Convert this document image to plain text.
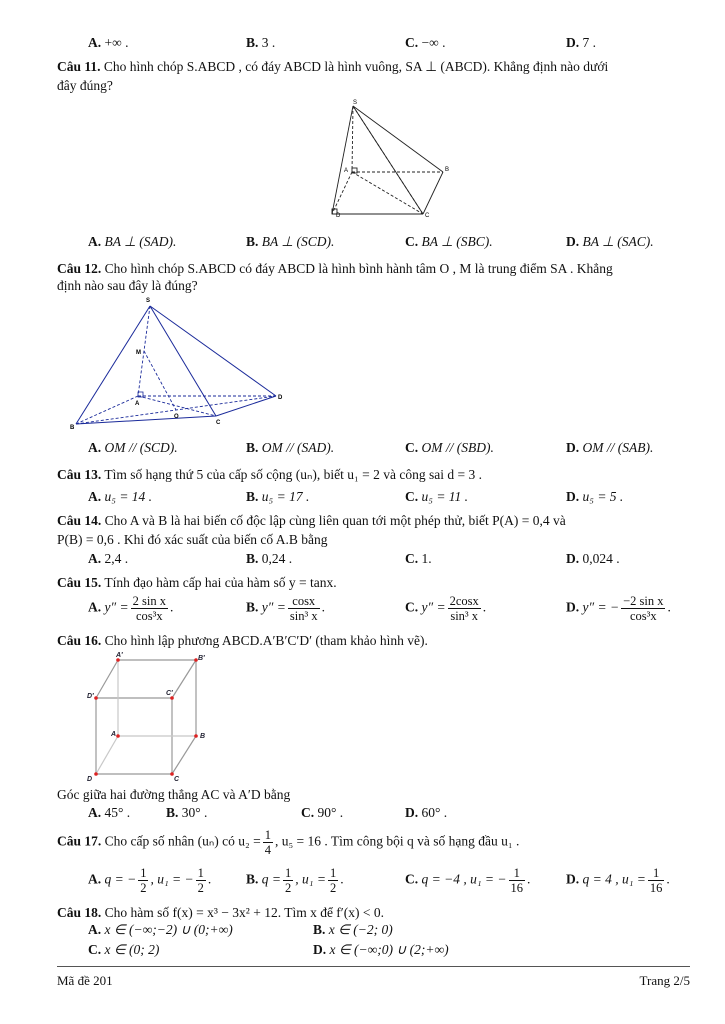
A. +∞ .	B. 3 .	C. −∞ .	D. 7 .
Câu 11. Cho hình chóp S.ABCD , có đáy ABCD là hình vuông, SA ⊥ (ABCD). Khẳng định nào dưới
đây đúng?
S
A	B
C
D
A. BA ⊥ (SAD).	B. BA ⊥ (SCD).	C. BA ⊥ (SBC).	D. BA ⊥ (SAC).
Câu 12. Cho hình chóp S.ABCD có đáy ABCD là hình bình hành tâm O , M là trung điểm SA . Khẳng
định nào sau đây là đúng?
S
M
A
B
C
D
O
A. OM // (SCD).	B. OM // (SAD).	C. OM // (SBD).	D. OM // (SAB).
Câu 13. Tìm số hạng thứ 5 của cấp số cộng (uₙ), biết u₁ = 2 và công sai d = 3 .
A. u₅ = 14 .	B. u₅ = 17 .	C. u₅ = 11 .	D. u₅ = 5 .
Câu 14. Cho A và B là hai biến cố độc lập cùng liên quan tới một phép thử, biết P(A) = 0,4 và
P(B) = 0,6 . Khi đó xác suất của biến cố A.B bằng
A. 2,4 .	B. 0,24 .	C. 1.	D. 0,024 .
Câu 15. Tính đạo hàm cấp hai của hàm số y = tanx.
A. $y'' = \frac{\text{2 sin x}}{\text{cos³x}}$ .	B. $y'' = \frac{\cos x}{\text{sin³ x}}$ .	C. $y'' = \frac{2\cos x}{\text{sin³ x}}$ .	D. y″ = − $\frac{\text{−2 sin x}}{\text{cos³x}}$ .
Câu 16. Cho hình lập phương ABCD.A′B′C′D′ (tham khảo hình vẽ).
A′	B′
C′
D′
A	B
C
D
Góc giữa hai đường thẳng AC và A′D bằng
A. 45° .	B. 30° .	C. 90° .	D. 60° .
Câu 17. Cho cấp số nhân (uₙ) có $u_2 = \frac{1}{4}$ , u₅ = 16 . Tìm công bội q và số hạng đầu u₁ .
A. q = − $\frac{1}{2}$ , u₁ = − $\frac{1}{2}$ .	B. $q = \frac{1}{2}$ , $u_1 = \frac{1}{2}$ .	C. q = −4 , u₁ = − $\frac{1}{16}$ .	D. q = 4 , $u_1 = \frac{1}{16}$ .
Câu 18. Cho hàm số f(x) = x³ − 3x² + 12. Tìm x để f′(x) < 0.
A. x ∈ (−∞;−2) ∪ (0;+∞)	B. x ∈ (−2; 0)
C. x ∈ (0; 2)	D. x ∈ (−∞;0) ∪ (2;+∞)
Mã đề 201	Trang 2/5
